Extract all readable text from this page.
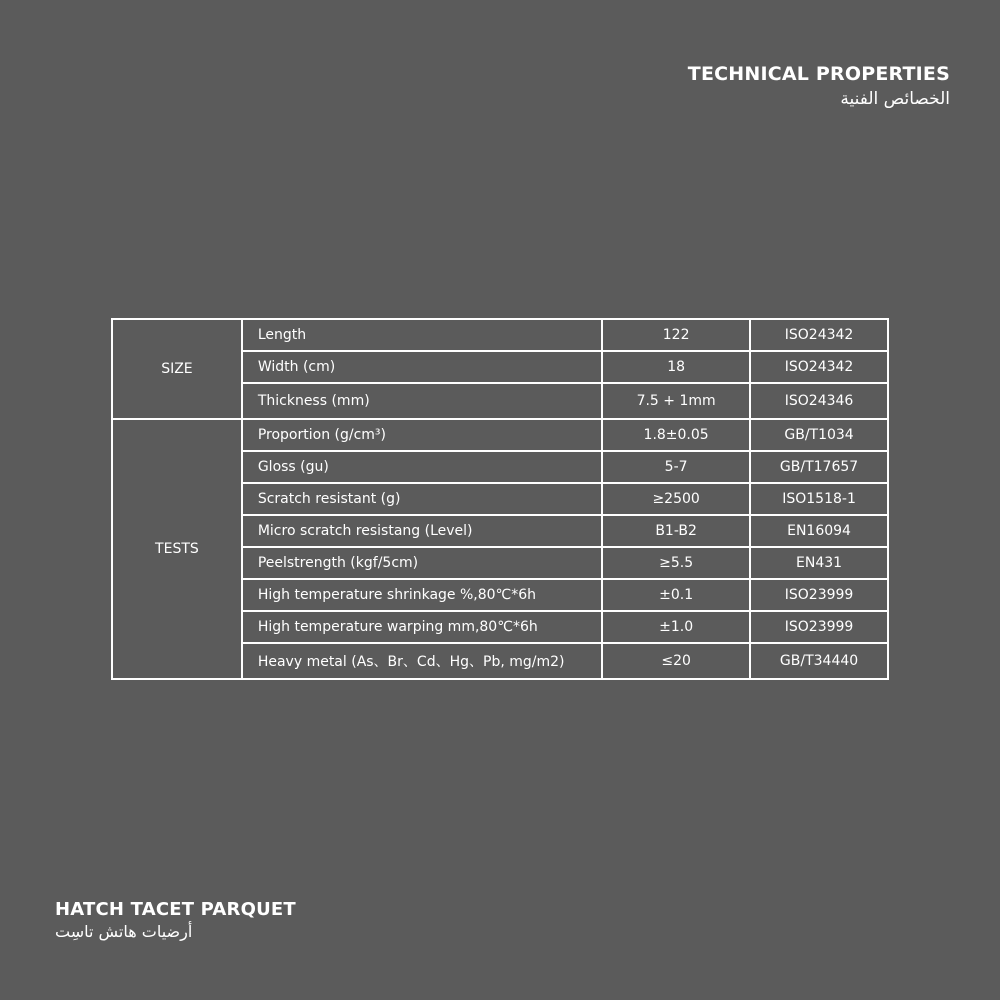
TECHNICAL PROPERTIES
الخصائص الفنية
SIZE	Length	122	ISO24342
	Width (cm)	18	ISO24342
	Thickness (mm)	7.5 + 1mm	ISO24346
TESTS	Proportion (g/cm³)	1.8±0.05	GB/T1034
	Gloss (gu)	5-7	GB/T17657
	Scratch resistant (g)	≥2500	ISO1518-1
	Micro scratch resistang (Level)	B1-B2	EN16094
	Peelstrength (kgf/5cm)	≥5.5	EN431
	High temperature shrinkage %,80℃*6h	±0.1	ISO23999
	High temperature warping mm,80℃*6h	±1.0	ISO23999
	Heavy metal (As、Br、Cd、Hg、Pb, mg/m2)	≤20	GB/T34440
HATCH TACET PARQUET
أرضيات هاتش تاسِت
